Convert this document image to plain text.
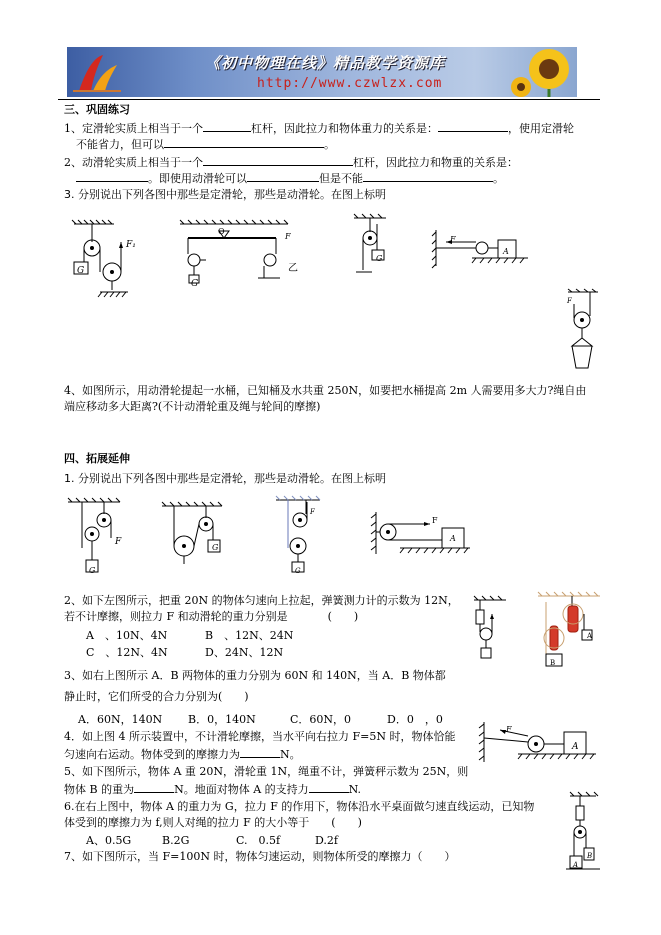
《初中物理在线》精品教学资源库
http://www.czwlzx.com
三、巩固练习
1、定滑轮实质上相当于一个	杠杆，因此拉力和物体重力的关系是：	，使用定滑轮
不能省力，但可以	。
2、动滑轮实质上相当于一个	杠杆，因此拉力和物重的关系是：
。即使用动滑轮可以	但是不能	。
3. 分别说出下列各图中那些是定滑轮，那些是动滑轮。在图上标明
G
F₁
O
G
F
乙
G
F
A
F
4、如图所示，用动滑轮提起一水桶，已知桶及水共重 250N，如要把水桶提高 2m 人需要用多大力?绳自由
端应移动多大距离?(不计动滑轮重及绳与轮间的摩擦)
四、拓展延伸
1. 分别说出下列各图中那些是定滑轮，那些是动滑轮。在图上标明
F
G
G
F
G
F
A
2、如下左图所示，把重 20N 的物体匀速向上拉起，弹簧测力计的示数为 12N，
若不计摩擦，则拉力 F 和动滑轮的重力分别是	(　　)
A　、10N、4N	B　、12N、24N
C　、12N、4N	D、24N、12N
A
B
3、如右上图所示 A．B 两物体的重力分别为 60N 和 140N，当 A．B 物体都
静止时，它们所受的合力分别为(　　)
A．60N，140N B．0，140N	C．60N，0	D．0　，0
F
A
4．如上图 4 所示装置中，不计滑轮摩擦，当水平向右拉力 F=5N 时，物体恰能
匀速向右运动。物体受到的摩擦力为	N。
5、如下图所示，物体 A 重 20N，滑轮重 1N，绳重不计，弹簧秤示数为 25N，则
物体 B 的重为	N。地面对物体 A 的支持力	N.
6.在右上图中，物体 A 的重力为 G，拉力 F 的作用下，物体沿水平桌面做匀速直线运动，已知物
体受到的摩擦力为 f,则人对绳的拉力 F 的大小等于 (　　)
A、0.5G	B.2G	C.　0.5f	D.2f
7、如下图所示，当 F=100N 时，物体匀速运动，则物体所受的摩擦力（　　）
A
B
